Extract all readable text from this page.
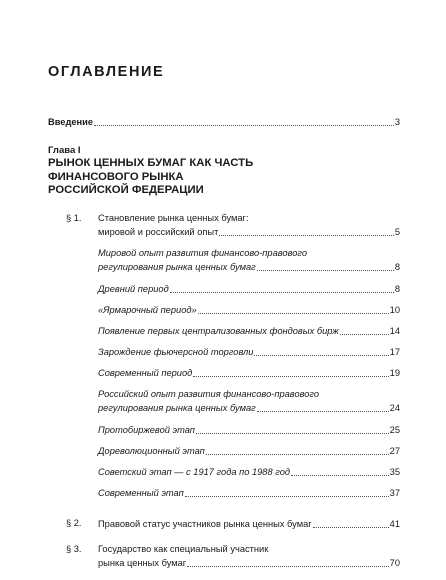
ОГЛАВЛЕНИЕ
Введение	3
Глава I
РЫНОК ЦЕННЫХ БУМАГ КАК ЧАСТЬ
ФИНАНСОВОГО РЫНКА
РОССИЙСКОЙ ФЕДЕРАЦИИ
§ 1. Становление рынка ценных бумаг:
мировой и российский опыт	5
Мировой опыт развития финансово-правового
регулирования рынка ценных бумаг	8
Древний период	8
«Ярмарочный период»	10
Появление первых централизованных фондовых бирж	14
Зарождение фьючерсной торговли	17
Современный период	19
Российский опыт развития финансово-правового
регулирования рынка ценных бумаг	24
Протобиржевой этап	25
Дореволюционный этап	27
Советский этап — с 1917 года по 1988 год	35
Современный этап	37
§ 2. Правовой статус участников рынка ценных бумаг	41
§ 3. Государство как специальный участник
рынка ценных бумаг	70
